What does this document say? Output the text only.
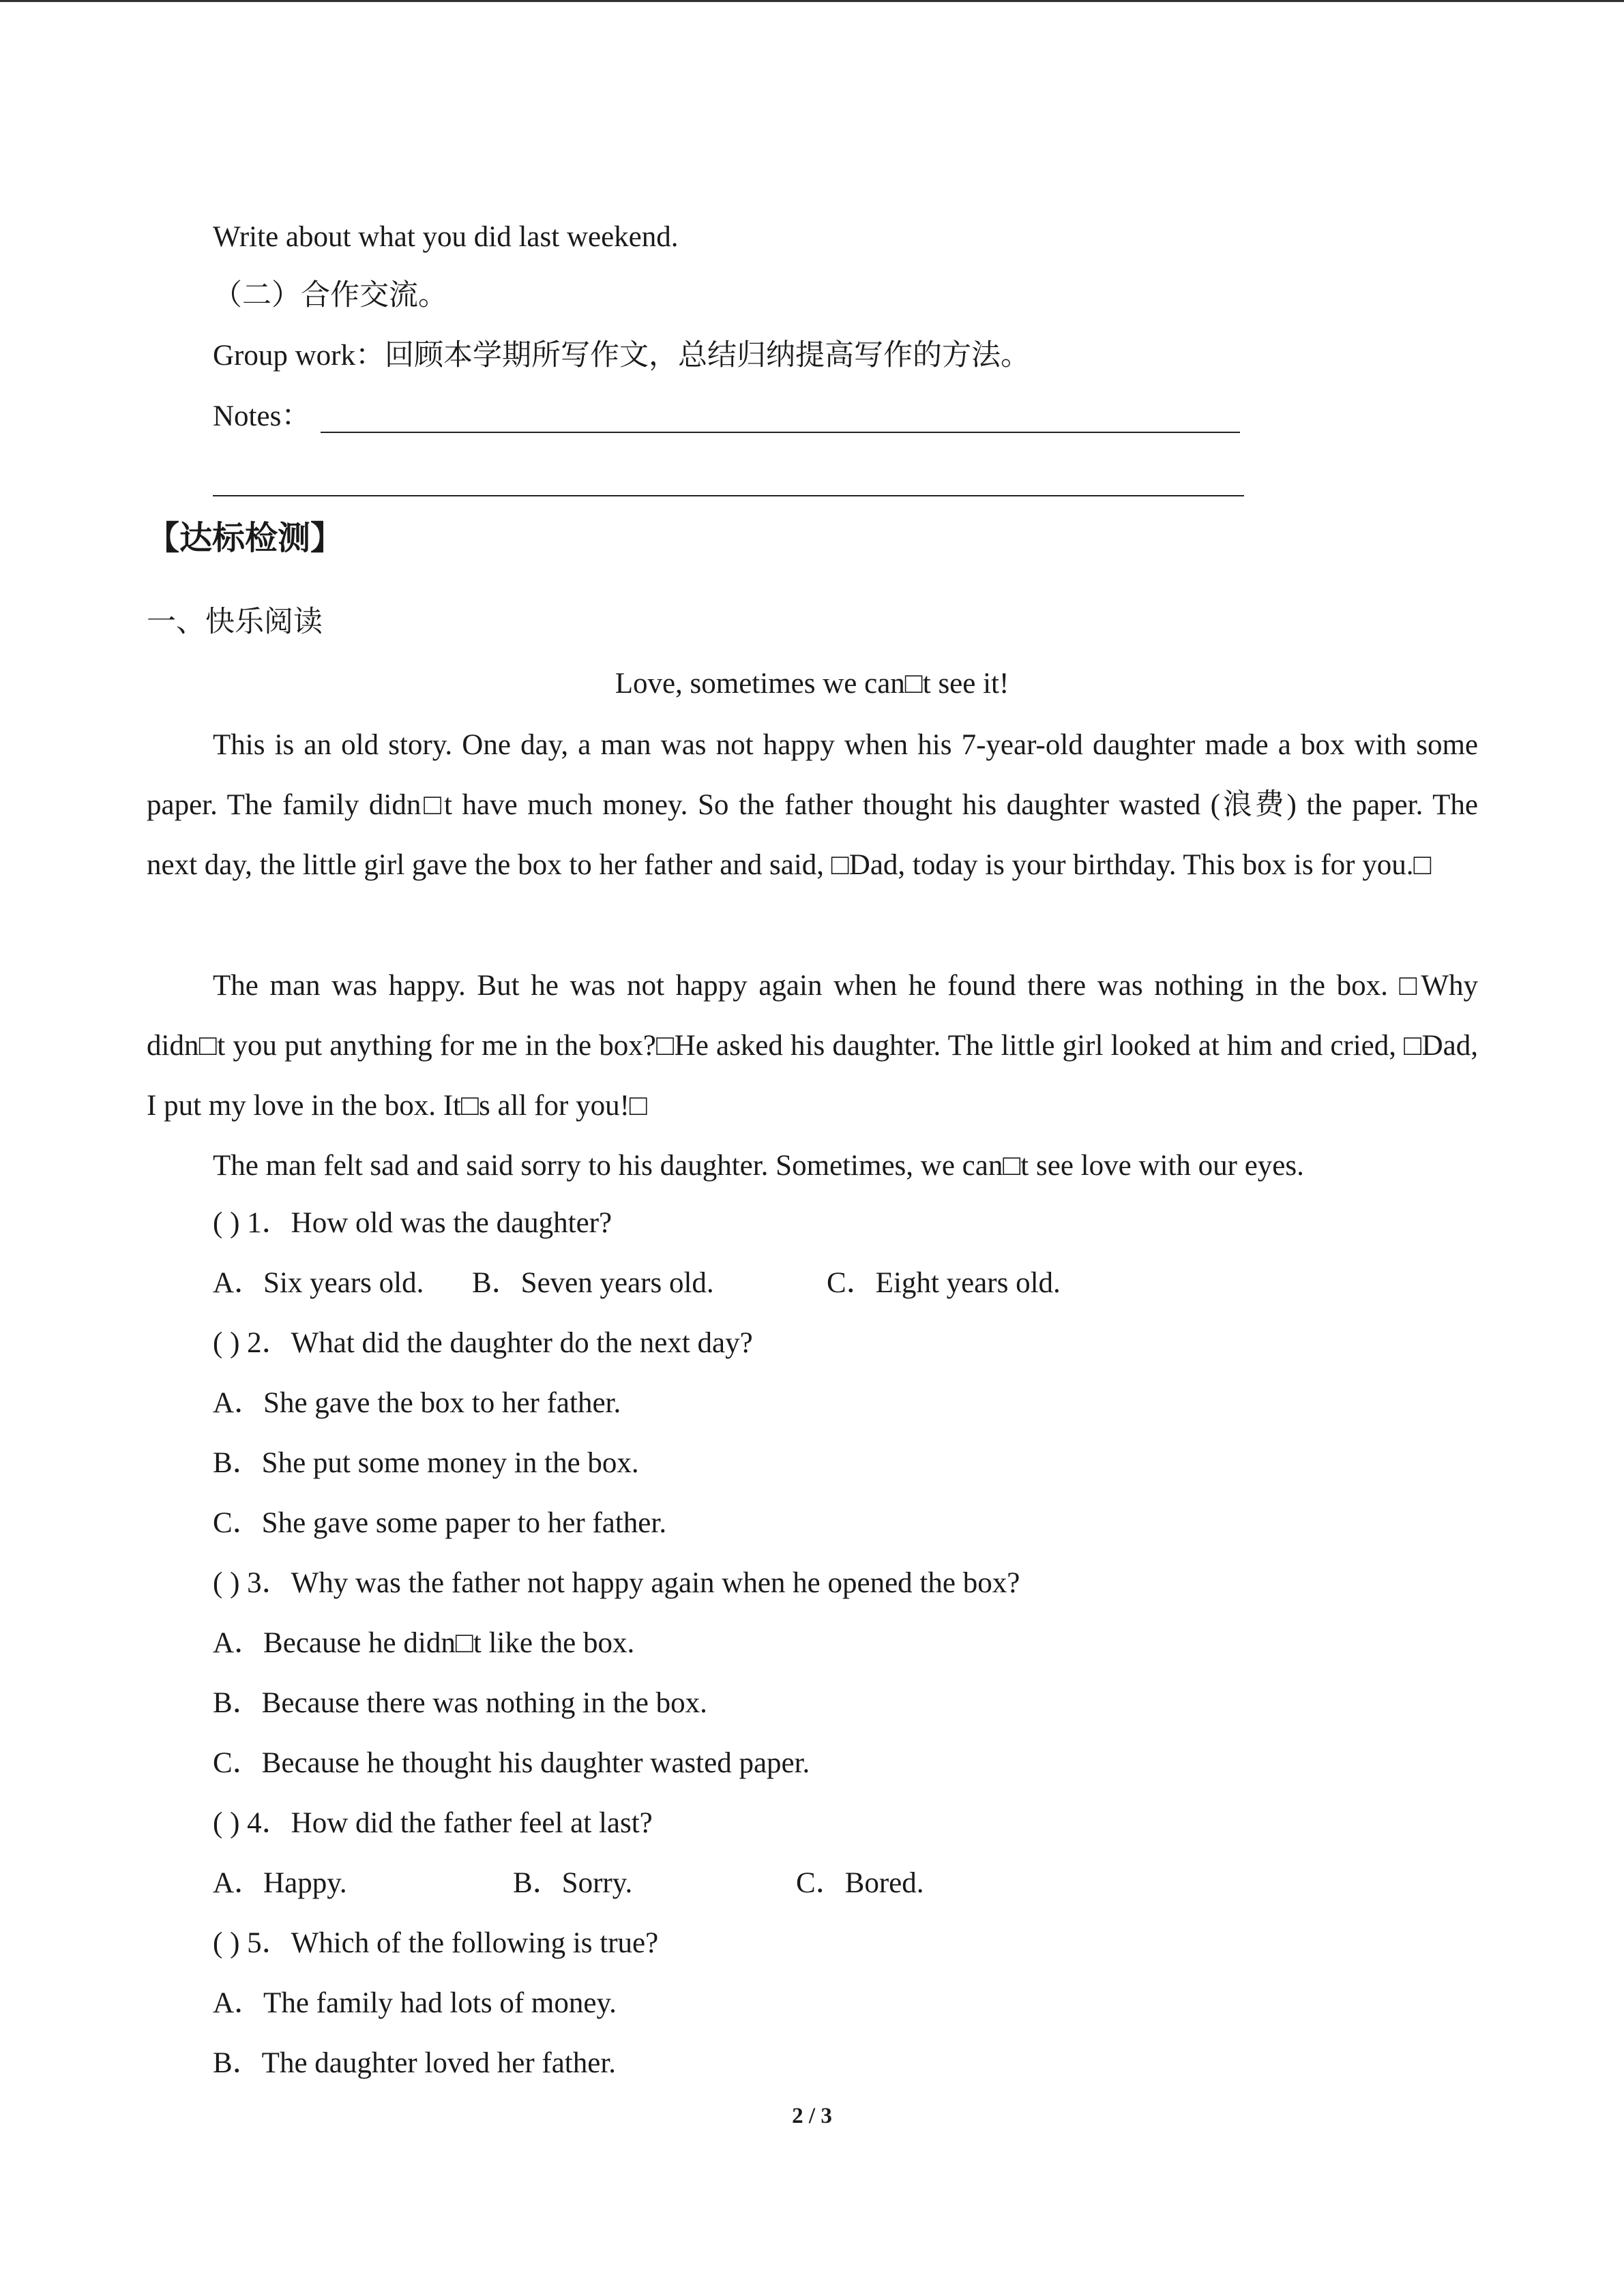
Write about what you did last weekend.
（二）合作交流。
Group work：回顾本学期所写作文，总结归纳提高写作的方法。
Notes：
【达标检测】
一、快乐阅读
Love, sometimes we can□t see it!
This is an old story. One day, a man was not happy when his 7-year-old daughter made a box with some paper. The family didn□t have much money. So the father thought his daughter wasted (浪费) the paper. The next day, the little girl gave the box to her father and said, □Dad, today is your birthday. This box is for you.□
The man was happy. But he was not happy again when he found there was nothing in the box. □Why didn□t you put anything for me in the box?□He asked his daughter. The little girl looked at him and cried, □Dad, I put my love in the box. It□s all for you!□
The man felt sad and said sorry to his daughter. Sometimes, we can□t see love with our eyes.
( ) 1．How old was the daughter?
A．Six years old. B．Seven years old.	C．Eight years old.
( ) 2．What did the daughter do the next day?
A．She gave the box to her father.
B．She put some money in the box.
C．She gave some paper to her father.
( ) 3．Why was the father not happy again when he opened the box?
A．Because he didn□t like the box.
B．Because there was nothing in the box.
C．Because he thought his daughter wasted paper.
( ) 4．How did the father feel at last?
A．Happy.	B．Sorry.	C．Bored.
( ) 5．Which of the following is true?
A．The family had lots of money.
B．The daughter loved her father.
2 / 3
